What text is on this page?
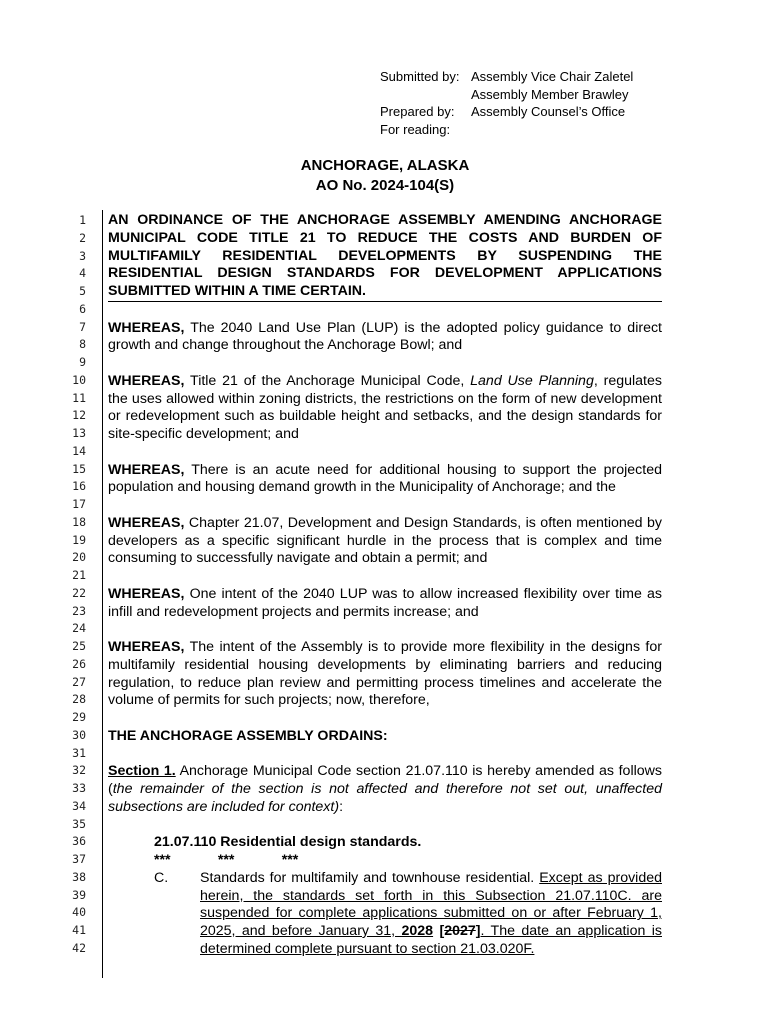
Submitted by: Assembly Vice Chair Zaletel
Assembly Member Brawley
Prepared by:	Assembly Counsel’s Office
For reading:
ANCHORAGE, ALASKA
AO No. 2024-104(S)
1
2
3
4
5
6
7
8
9
10
11
12
13
14
15
16
17
18
19
20
21
22
23
24
25
26
27
28
29
30
31
32
33
34
35
36
37
38
39
40
41
42
AN ORDINANCE OF THE ANCHORAGE ASSEMBLY AMENDING ANCHORAGE MUNICIPAL CODE TITLE 21 TO REDUCE THE COSTS AND BURDEN OF MULTIFAMILY RESIDENTIAL DEVELOPMENTS BY SUSPENDING THE RESIDENTIAL DESIGN STANDARDS FOR DEVELOPMENT APPLICATIONS SUBMITTED WITHIN A TIME CERTAIN.

WHEREAS, The 2040 Land Use Plan (LUP) is the adopted policy guidance to direct growth and change throughout the Anchorage Bowl; and

WHEREAS, Title 21 of the Anchorage Municipal Code, Land Use Planning, regulates the uses allowed within zoning districts, the restrictions on the form of new development or redevelopment such as buildable height and setbacks, and the design standards for site-specific development; and

WHEREAS, There is an acute need for additional housing to support the projected population and housing demand growth in the Municipality of Anchorage; and the

WHEREAS, Chapter 21.07, Development and Design Standards, is often mentioned by developers as a specific significant hurdle in the process that is complex and time consuming to successfully navigate and obtain a permit; and

WHEREAS, One intent of the 2040 LUP was to allow increased flexibility over time as infill and redevelopment projects and permits increase; and

WHEREAS, The intent of the Assembly is to provide more flexibility in the designs for multifamily residential housing developments by eliminating barriers and reducing regulation, to reduce plan review and permitting process timelines and accelerate the volume of permits for such projects; now, therefore,

THE ANCHORAGE ASSEMBLY ORDAINS:

Section 1. Anchorage Municipal Code section 21.07.110 is hereby amended as follows (the remainder of the section is not affected and therefore not set out, unaffected subsections are included for context):

21.07.110 Residential design standards.

***            ***            ***
C.	Standards for multifamily and townhouse residential. Except as provided herein, the standards set forth in this Subsection 21.07.110C. are suspended for complete applications submitted on or after February 1, 2025, and before January 31, 2028 [2027]. The date an application is determined complete pursuant to section 21.03.020F.
